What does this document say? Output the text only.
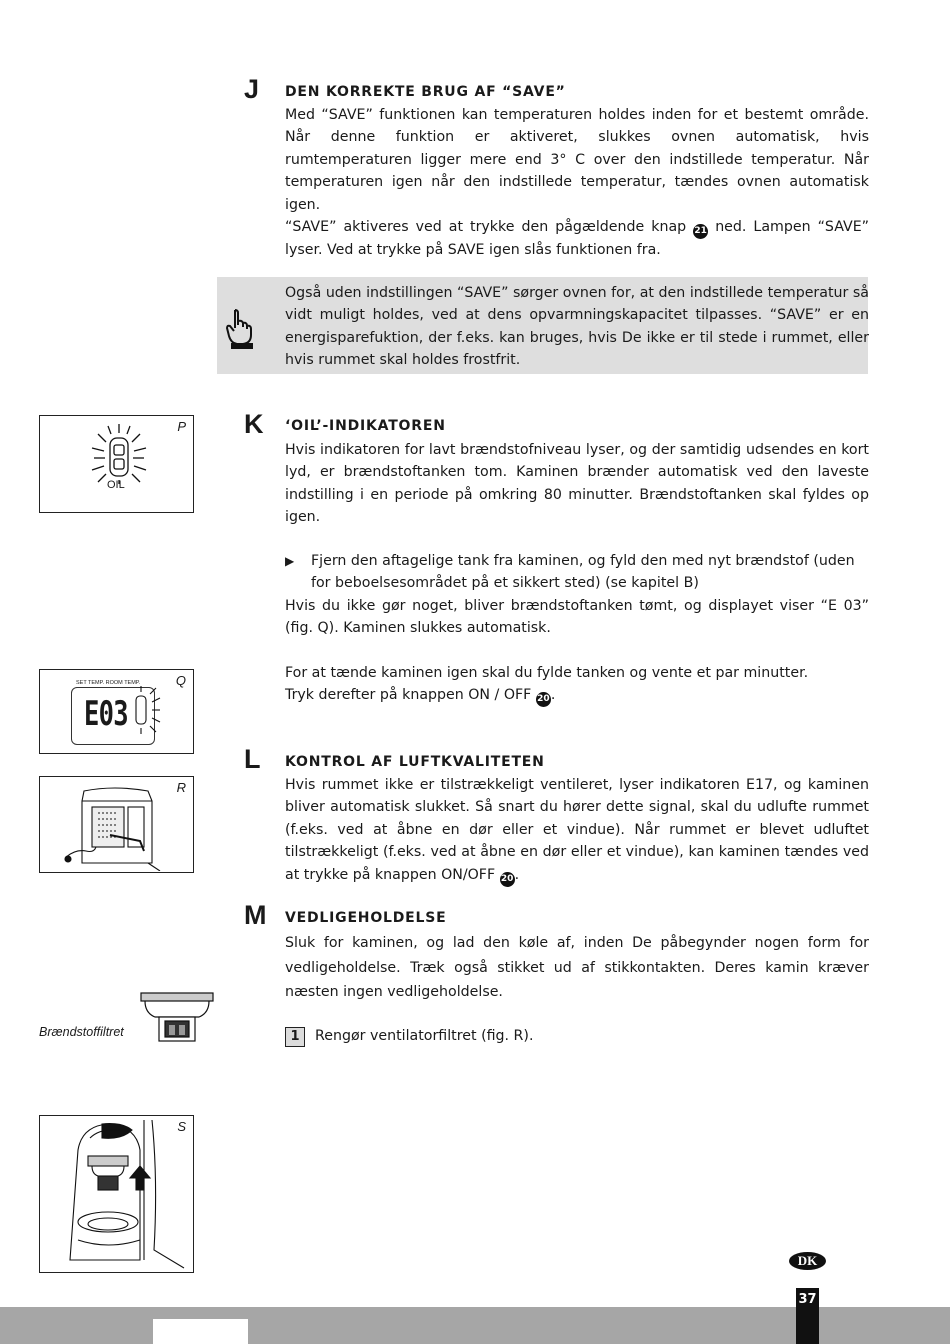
J DEN KORREKTE BRUG AF “SAVE”

Med “SAVE” funktionen kan temperaturen holdes inden for et bestemt område. Når denne funktion er aktiveret, slukkes ovnen automatisk, hvis rumtemperaturen ligger mere end 3° C over den indstillede temperatur. Når temperaturen igen når den indstillede temperatur, tændes ovnen automatisk igen.

“SAVE” aktiveres ved at trykke den pågældende knap 21 ned. Lampen “SAVE” lyser. Ved at trykke på SAVE igen slås funktionen fra.

Også uden indstillingen “SAVE” sørger ovnen for, at den indstillede temperatur så vidt muligt holdes, ved at dens opvarmningskapacitet tilpasses. “SAVE” er en energisparefuktion, der f.eks. kan bruges, hvis De ikke er til stede i rummet, eller hvis rummet skal holdes frostfrit.
K ‘OIL’-INDIKATOREN
Hvis indikatoren for lavt brændstofniveau lyser, og der samtidig udsendes en kort lyd, er brændstoftanken tom. Kaminen brænder automatisk ved den laveste indstilling i en periode på omkring 80 minutter. Brændstoftanken skal fyldes op igen.
▶	Fjern den aftagelige tank fra kaminen, og fyld den med nyt brændstof (uden for beboelsesområdet på et sikkert sted) (se kapitel B)
Hvis du ikke gør noget, bliver brændstoftanken tømt, og displayet viser “E 03” (fig. Q). Kaminen slukkes automatisk.

For at tænde kaminen igen skal du fylde tanken og vente et par minutter.

Tryk derefter på knappen ON / OFF 20.

L KONTROL AF LUFTKVALITETEN
Hvis rummet ikke er tilstrækkeligt ventileret, lyser indikatoren E17, og kaminen bliver automatisk slukket. Så snart du hører dette signal, skal du udlufte rummet (f.eks. ved at åbne en dør eller et vindue). Når rummet er blevet udluftet tilstrækkeligt (f.eks. ved at åbne en dør eller et vindue), kan kaminen tændes ved at trykke på knappen ON/OFF 20.
M VEDLIGEHOLDELSE
Sluk for kaminen, og lad den køle af, inden De påbegynder nogen form for vedligeholdelse. Træk også stikket ud af stikkontakten. Deres kamin kræver næsten ingen vedligeholdelse.
1 Rengør ventilatorfiltret (fig. R).
P
OIL
Q
SET TEMP. ROOM TEMP.
E03
R
Brændstoffiltret
S
DK
37
